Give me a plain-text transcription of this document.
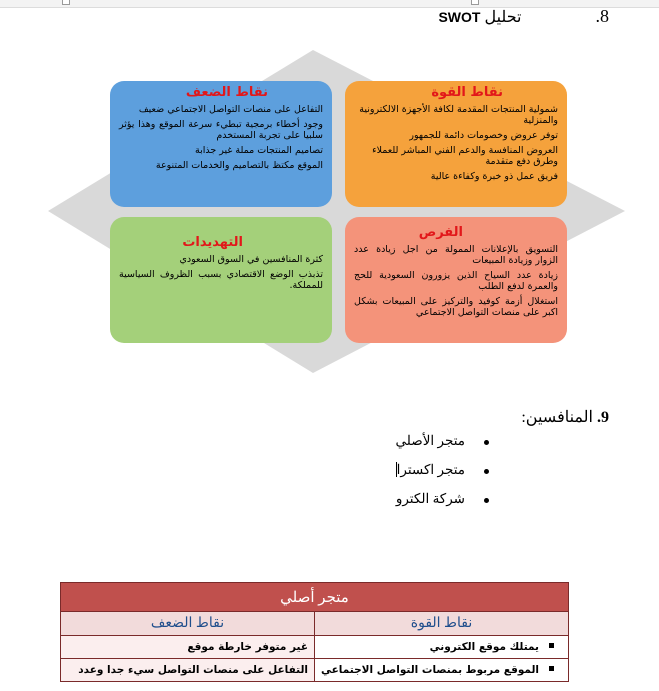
8. تحليل SWOT
نقاط الضعف

التفاعل على منصات التواصل الاجتماعي ضعيف

وجود أخطاء برمجية تبطيء سرعة الموقع وهذا يؤثر سلبيا على تجربة المستخدم

تصاميم المنتجات مملة غير جذابة

الموقع مكتظ بالتصاميم والخدمات المتنوعة

نقاط القوة

شمولية المنتجات المقدمة لكافة الأجهزة الالكترونية والمنزلية

توفر عروض وخصومات دائمة للجمهور

العروض المنافسة والدعم الفني المباشر للعملاء وطرق دفع متقدمة

فريق عمل ذو خبرة وكفاءة عالية

التهديدات

كثرة المنافسين في السوق السعودي

تذبذب الوضع الاقتصادي بسبب الظروف السياسية للمملكة.

الفرص

التسويق بالإعلانات الممولة من اجل زيادة عدد الزوار وزيادة المبيعات

زيادة عدد السياح الذين يزورون السعودية للحج والعمرة لدفع الطلب

استغلال أزمة كوفيد والتركيز على المبيعات بشكل اكبر على منصات التواصل الاجتماعي

9. المنافسين:
متجر الأصلي
متجر اكسترا
شركة الكترو
متجر أصلي	
نقاط القوة	نقاط الضعف
يمتلك موقع الكتروني	غير متوفر خارطة موقع
الموقع مربوط بمنصات التواصل الاجتماعي	التفاعل على منصات التواصل سيء جدا وعدد
